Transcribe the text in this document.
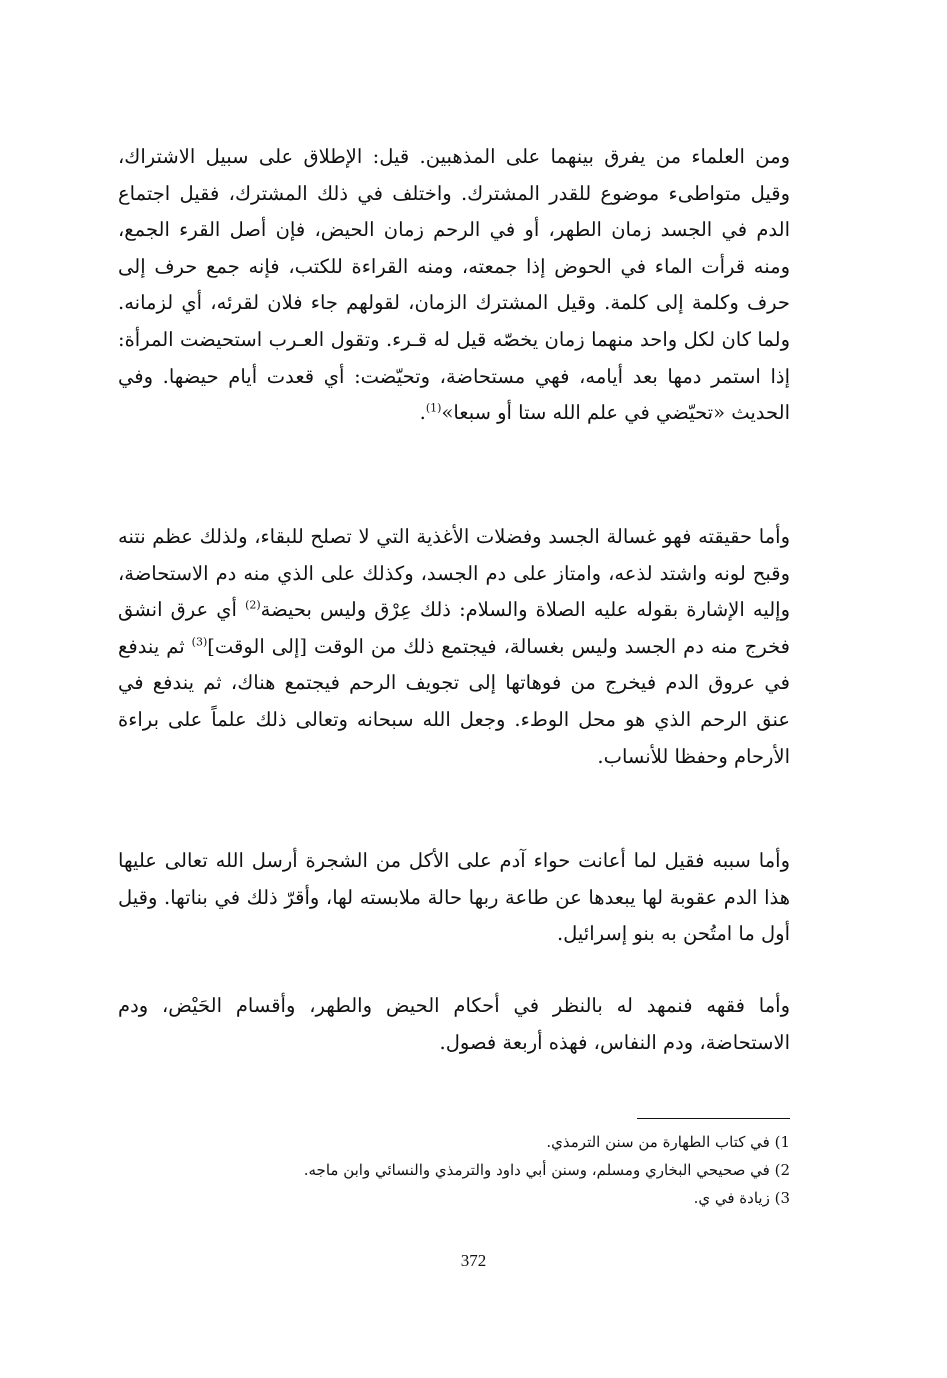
ومن العلماء من يفرق بينهما على المذهبين. قيل: الإطلاق على سبيل الاشتراك، وقيل متواطىء موضوع للقدر المشترك. واختلف في ذلك المشترك، فقيل اجتماع الدم في الجسد زمان الطهر، أو في الرحم زمان الحيض، فإن أصل القرء الجمع، ومنه قرأت الماء في الحوض إذا جمعته، ومنه القراءة للكتب، فإنه جمع حرف إلى حرف وكلمة إلى كلمة. وقيل المشترك الزمان، لقولهم جاء فلان لقرئه، أي لزمانه. ولما كان لكل واحد منهما زمان يخصّه قيل له قـرء. وتقول العـرب استحيضت المرأة: إذا استمر دمها بعد أيامه، فهي مستحاضة، وتحيّضت: أي قعدت أيام حيضها. وفي الحديث «تحيّضي في علم الله ستا أو سبعا»$^{(1)}$.

وأما حقيقته فهو غسالة الجسد وفضلات الأغذية التي لا تصلح للبقاء، ولذلك عظم نتنه وقبح لونه واشتد لذعه، وامتاز على دم الجسد، وكذلك على الذي منه دم الاستحاضة، وإليه الإشارة بقوله عليه الصلاة والسلام: ذلك عِرْق وليس بحيضة$^{(2)}$ أي عرق انشق فخرج منه دم الجسد وليس بغسالة، فيجتمع ذلك من الوقت [إلى الوقت]$^{(3)}$ ثم يندفع في عروق الدم فيخرج من فوهاتها إلى تجويف الرحم فيجتمع هناك، ثم يندفع في عنق الرحم الذي هو محل الوطء. وجعل الله سبحانه وتعالى ذلك علماً على براءة الأرحام وحفظا للأنساب.

وأما سببه فقيل لما أعانت حواء آدم على الأكل من الشجرة أرسل الله تعالى عليها هذا الدم عقوبة لها يبعدها عن طاعة ربها حالة ملابسته لها، وأقرّ ذلك في بناتها. وقيل أول ما امتُحن به بنو إسرائيل.

وأما فقهه فنمهد له بالنظر في أحكام الحيض والطهر، وأقسام الحَيْض، ودم الاستحاضة، ودم النفاس، فهذه أربعة فصول.

1) في كتاب الطهارة من سنن الترمذي.
2) في صحيحي البخاري ومسلم، وسنن أبي داود والترمذي والنسائي وابن ماجه.
3) زيادة في ي.
372
